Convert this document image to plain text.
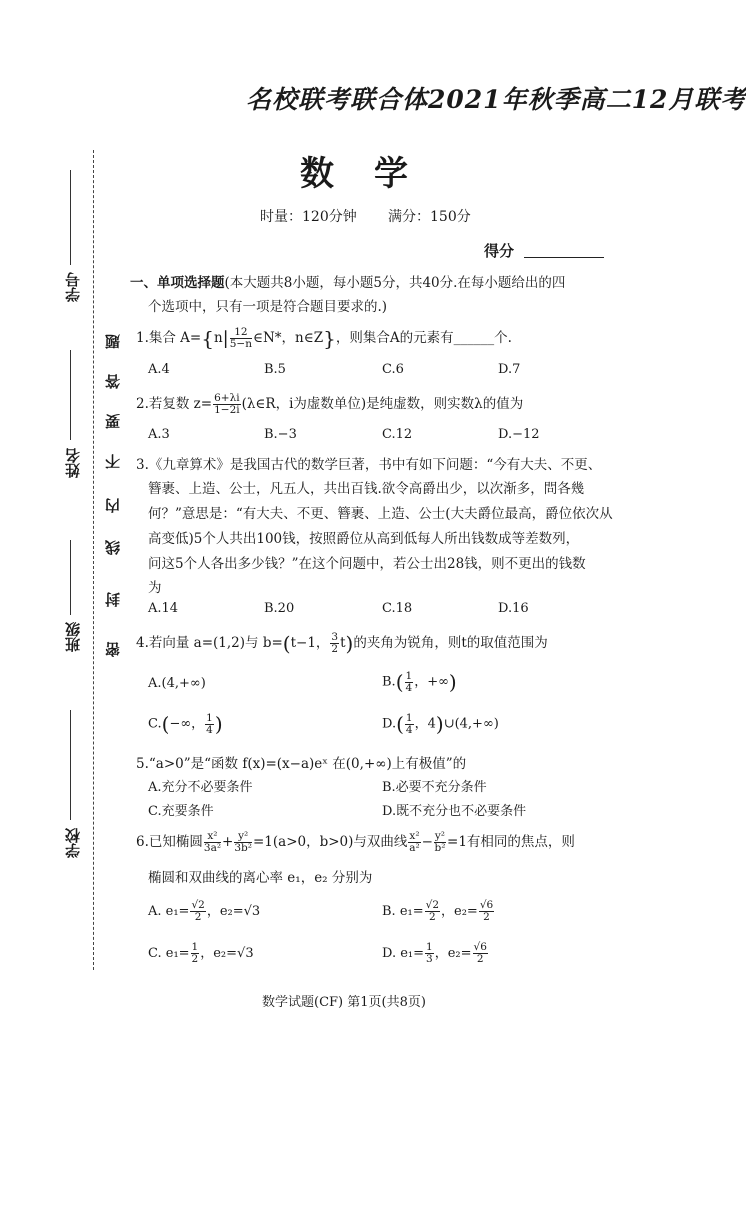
学校
班级
姓名
学号
密
封
线
内
不
要
答
题
名校联考联合体2021年秋季高二12月联考
数学
时量：120分钟 满分：150分
得分
一、单项选择题(本大题共8小题，每小题5分，共40分.在每小题给出的四
个选项中，只有一项是符合题目要求的.)
1.集合 $A=\{n| \frac{12}{5-n}$ ∈N*，n∈Z}，则集合A的元素有______个.
A.4	B.5	C.6	D.7
2.若复数 $z= \frac{6+\lambda i}{1-2i}$ (λ∈R，i为虚数单位)是纯虚数，则实数λ的值为
A.3	B.−3	C.12	D.−12
3.《九章算术》是我国古代的数学巨著，书中有如下问题：“今有大夫、不更、
簪裹、上造、公士，凡五人，共出百钱.欲令高爵出少，以次渐多，問各幾
何？”意思是：“有大夫、不更、簪裹、上造、公士(大夫爵位最高，爵位依次从
高变低)5个人共出100钱，按照爵位从高到低每人所出钱数成等差数列，
问这5个人各出多少钱？”在这个问题中，若公士出28钱，则不更出的钱数
为
A.14	B.20	C.18	D.16
4.若向量 a=(1,2)与 b=(t−1， $\frac{3}{2} t$)的夹角为锐角，则t的取值范围为
A.(4,+∞)	$B.( \frac{1}{4}$ ，+∞)
C.(−∞， $\frac{1}{4}$ )	$D.( \frac{1}{4}$ ，4)∪(4,+∞)
5.“a>0”是“函数 f(x)=(x−a)eˣ 在(0,+∞)上有极值”的
A.充分不必要条件	B.必要不充分条件
C.充要条件	D.既不充分也不必要条件
6.已知椭圆 $\frac{\text{x²}}{\text{3a²}} + \frac{\text{y²}}{\text{3b²}} =1(a>0$，b>0)与双曲线 $\frac{\text{x²}}{\text{a²}} - \frac{\text{y²}}{\text{b²}} =1$有相同的焦点，则
椭圆和双曲线的离心率 e₁，e₂ 分别为
A. $e_1= \frac{√2}{2}$ ，e₂=√3	B. $e_1= \frac{√2}{2}$ ，$e_2= \frac{√6}{2}$
C. $e_1= \frac{1}{2}$ ，e₂=√3	D. $e_1= \frac{1}{3}$ ，$e_2= \frac{√6}{2}$
数学试题(CF) 第1页(共8页)
